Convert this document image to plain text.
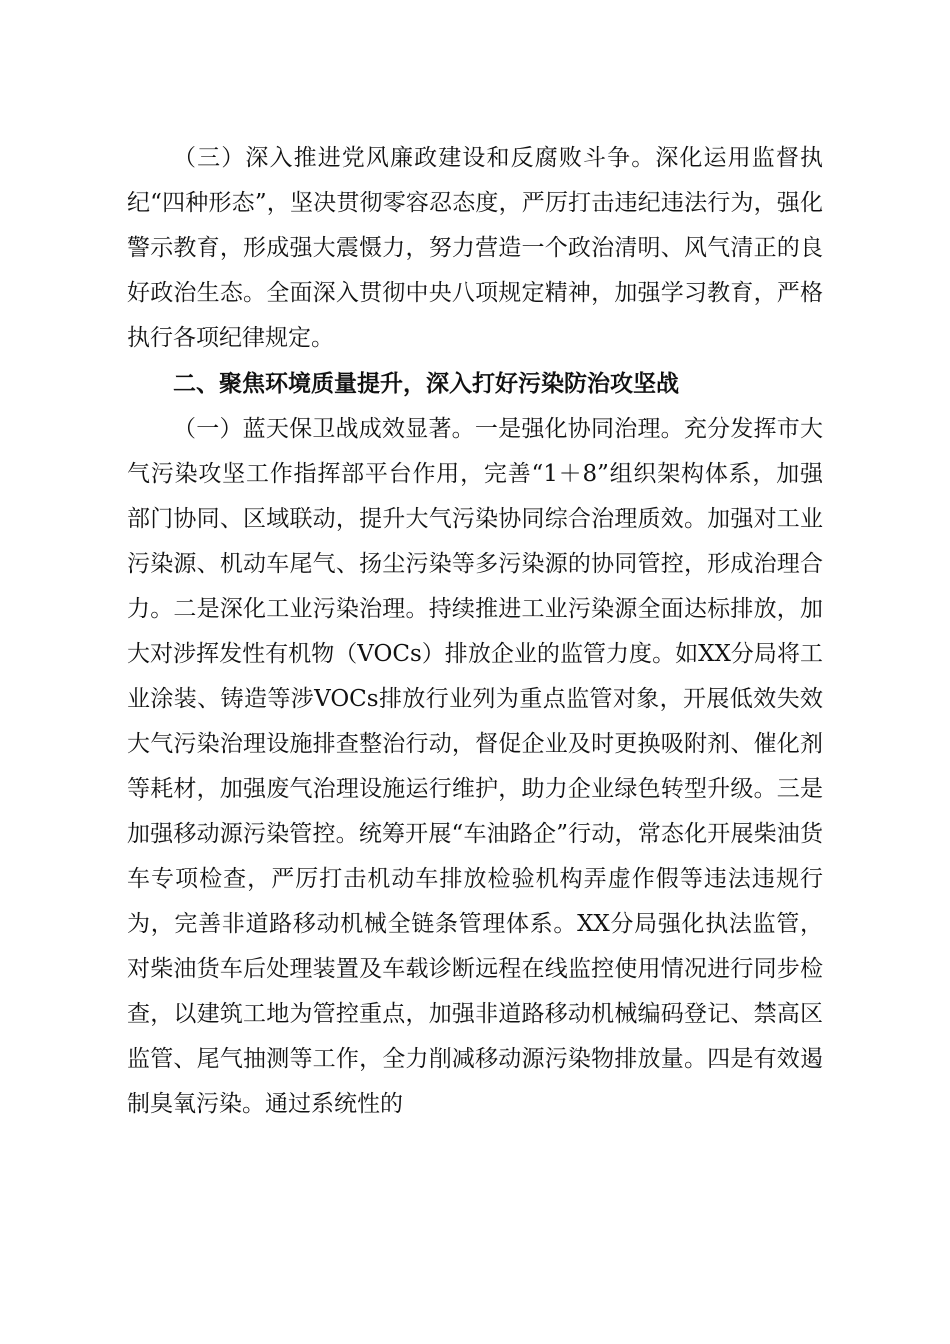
（三）深入推进党风廉政建设和反腐败斗争。深化运用监督执纪“四种形态”，坚决贯彻零容忍态度，严厉打击违纪违法行为，强化警示教育，形成强大震慑力，努力营造一个政治清明、风气清正的良好政治生态。全面深入贯彻中央八项规定精神，加强学习教育，严格执行各项纪律规定。

二、聚焦环境质量提升，深入打好污染防治攻坚战

（一）蓝天保卫战成效显著。一是强化协同治理。充分发挥市大气污染攻坚工作指挥部平台作用，完善“1＋8”组织架构体系，加强部门协同、区域联动，提升大气污染协同综合治理质效。加强对工业污染源、机动车尾气、扬尘污染等多污染源的协同管控，形成治理合力。二是深化工业污染治理。持续推进工业污染源全面达标排放，加大对涉挥发性有机物（VOCs）排放企业的监管力度。如XX分局将工业涂装、铸造等涉VOCs排放行业列为重点监管对象，开展低效失效大气污染治理设施排查整治行动，督促企业及时更换吸附剂、催化剂等耗材，加强废气治理设施运行维护，助力企业绿色转型升级。三是加强移动源污染管控。统筹开展“车油路企”行动，常态化开展柴油货车专项检查，严厉打击机动车排放检验机构弄虚作假等违法违规行为，完善非道路移动机械全链条管理体系。XX分局强化执法监管，对柴油货车后处理装置及车载诊断远程在线监控使用情况进行同步检查，以建筑工地为管控重点，加强非道路移动机械编码登记、禁高区监管、尾气抽测等工作，全力削减移动源污染物排放量。四是有效遏制臭氧污染。通过系统性的
